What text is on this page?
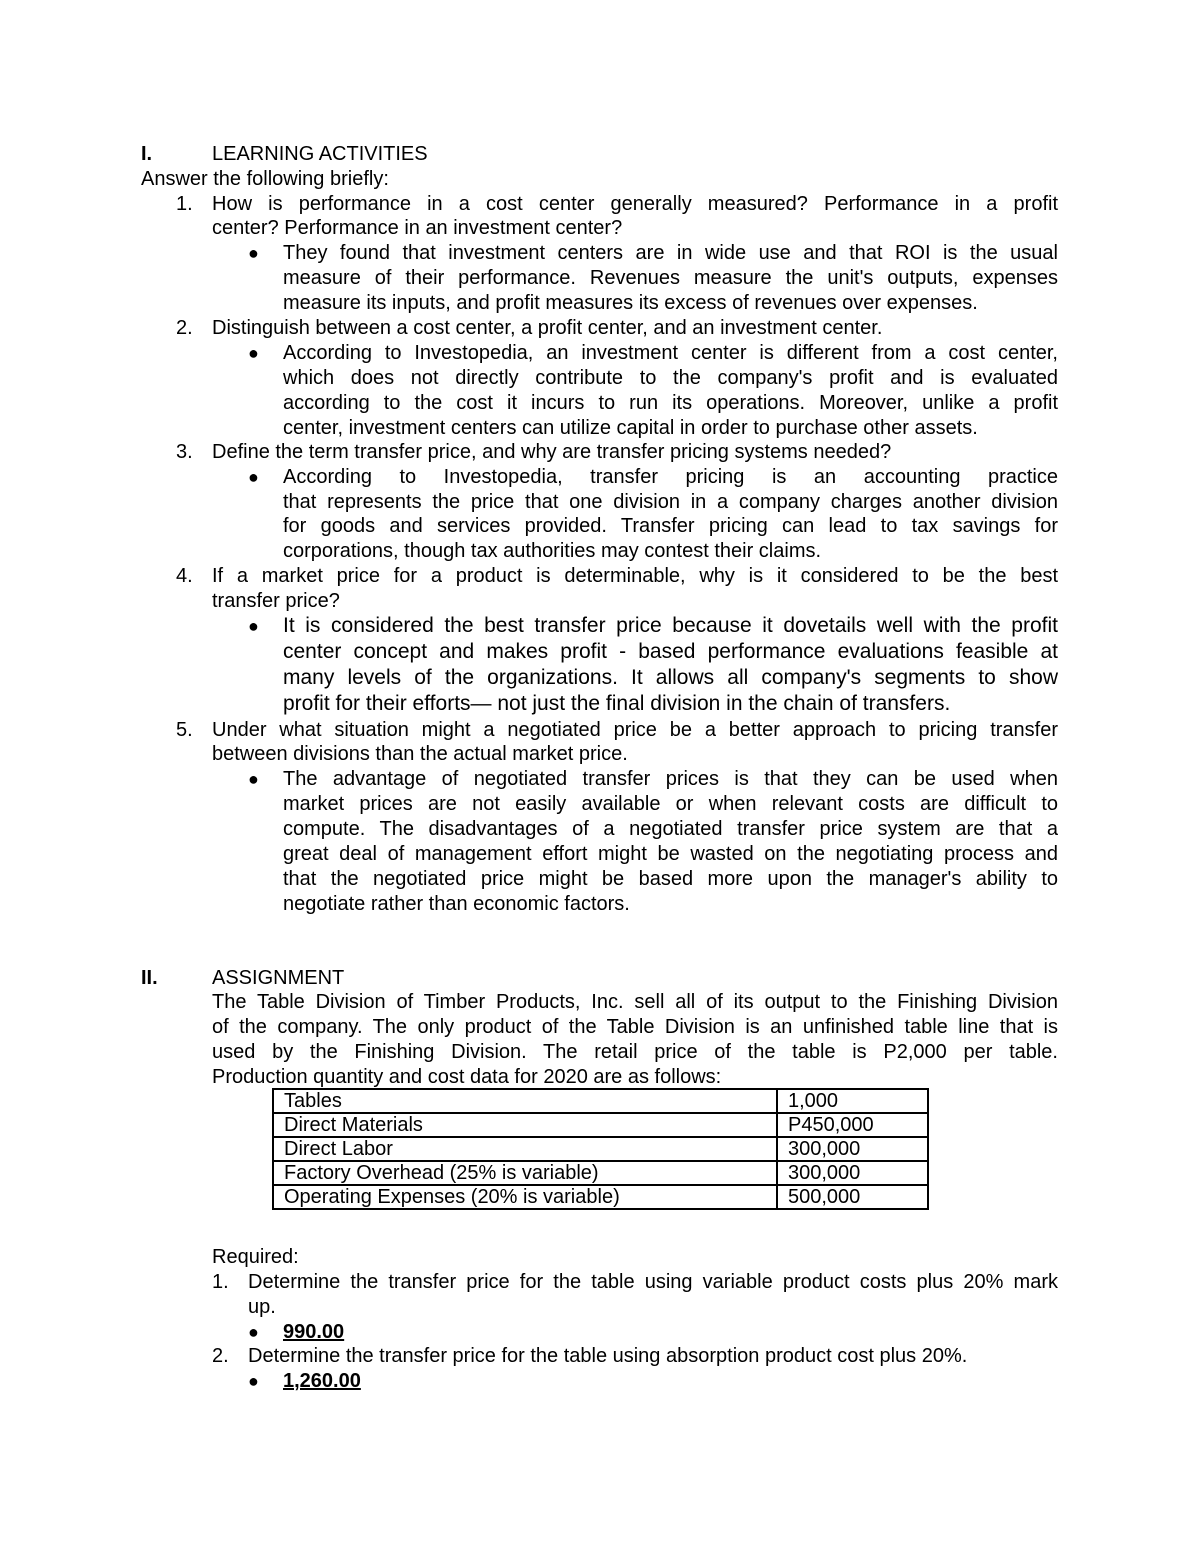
I.	LEARNING ACTIVITIES
Answer the following briefly:
1. How is performance in a cost center generally measured? Performance in a profit
center? Performance in an investment center?
● They found that investment centers are in wide use and that ROI is the usual
measure of their performance. Revenues measure the unit's outputs, expenses
measure its inputs, and profit measures its excess of revenues over expenses.
2. Distinguish between a cost center, a profit center, and an investment center.
● According to Investopedia, an investment center is different from a cost center,
which does not directly contribute to the company's profit and is evaluated
according to the cost it incurs to run its operations. Moreover, unlike a profit
center, investment centers can utilize capital in order to purchase other assets.
3. Define the term transfer price, and why are transfer pricing systems needed?
● According to Investopedia, transfer pricing is an accounting practice
that represents the price that one division in a company charges another division
for goods and services provided. Transfer pricing can lead to tax savings for
corporations, though tax authorities may contest their claims.
4. If a market price for a product is determinable, why is it considered to be the best
transfer price?
● It is considered the best transfer price because it dovetails well with the profit
center concept and makes profit - based performance evaluations feasible at
many levels of the organizations. It allows all company's segments to show
profit for their efforts— not just the final division in the chain of transfers.
5. Under what situation might a negotiated price be a better approach to pricing transfer
between divisions than the actual market price.
● The advantage of negotiated transfer prices is that they can be used when
market prices are not easily available or when relevant costs are difficult to
compute. The disadvantages of a negotiated transfer price system are that a
great deal of management effort might be wasted on the negotiating process and
that the negotiated price might be based more upon the manager's ability to
negotiate rather than economic factors.
II.	ASSIGNMENT
The Table Division of Timber Products, Inc. sell all of its output to the Finishing Division
of the company. The only product of the Table Division is an unfinished table line that is
used by the Finishing Division. The retail price of the table is P2,000 per table.
Production quantity and cost data for 2020 are as follows:
Tables	1,000
Direct Materials	P450,000
Direct Labor	300,000
Factory Overhead (25% is variable)	300,000
Operating Expenses (20% is variable)	500,000
Required:
1. Determine the transfer price for the table using variable product costs plus 20% mark
up.
● 990.00
2. Determine the transfer price for the table using absorption product cost plus 20%.
● 1,260.00
